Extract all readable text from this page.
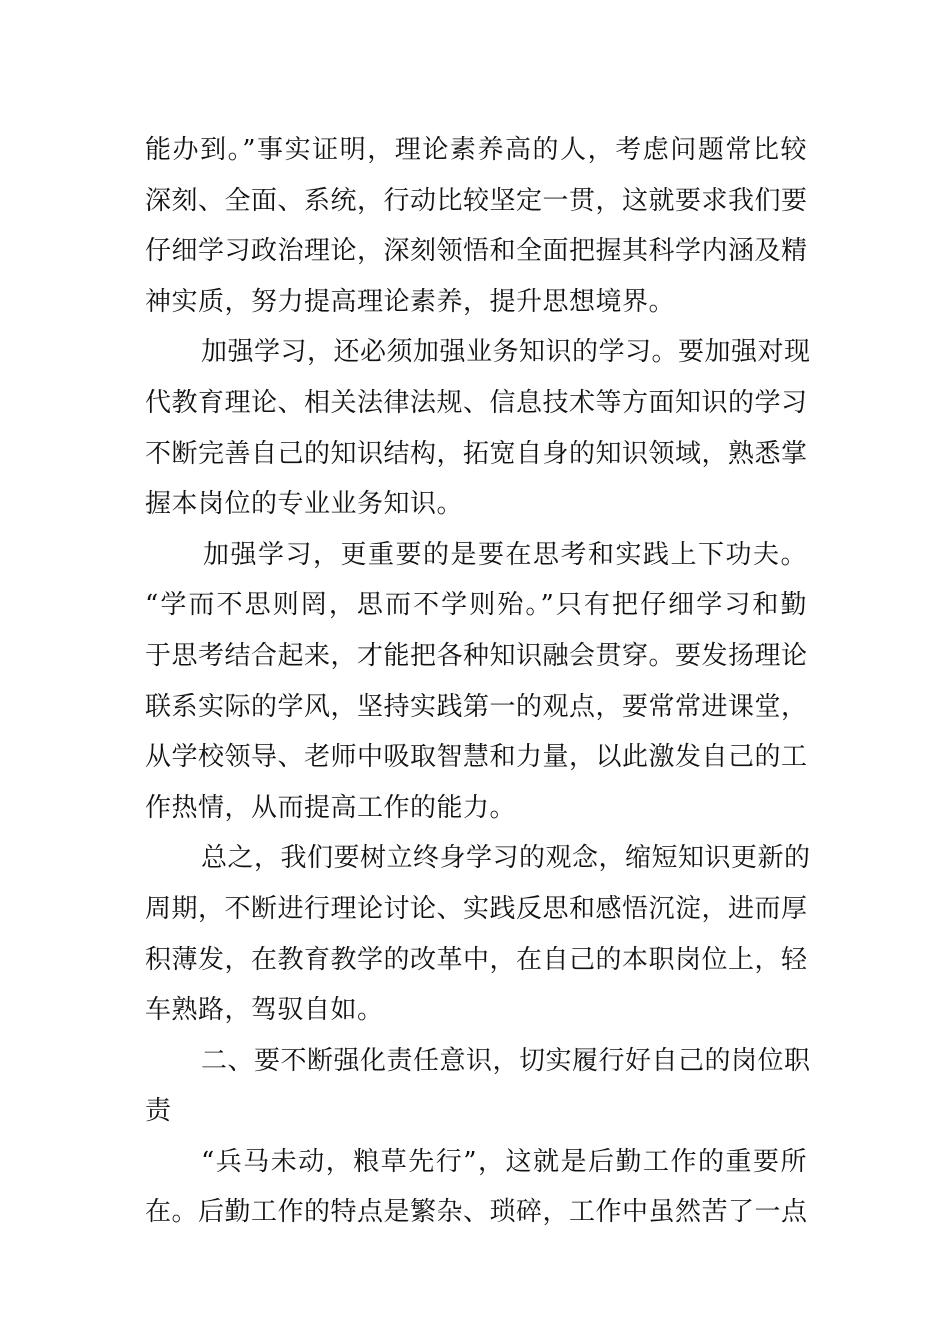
能办到。”事实证明，理论素养高的人，考虑问题常比较
深刻、全面、系统，行动比较坚定一贯，这就要求我们要
仔细学习政治理论，深刻领悟和全面把握其科学内涵及精
神实质，努力提高理论素养，提升思想境界。

加强学习，还必须加强业务知识的学习。要加强对现
代教育理论、相关法律法规、信息技术等方面知识的学习
不断完善自己的知识结构，拓宽自身的知识领域，熟悉掌
握本岗位的专业业务知识。

加强学习，更重要的是要在思考和实践上下功夫。
“学而不思则罔，思而不学则殆。”只有把仔细学习和勤
于思考结合起来，才能把各种知识融会贯穿。要发扬理论
联系实际的学风，坚持实践第一的观点，要常常进课堂，
从学校领导、老师中吸取智慧和力量，以此激发自己的工
作热情，从而提高工作的能力。

总之，我们要树立终身学习的观念，缩短知识更新的
周期，不断进行理论讨论、实践反思和感悟沉淀，进而厚
积薄发，在教育教学的改革中，在自己的本职岗位上，轻
车熟路，驾驭自如。

二、要不断强化责任意识，切实履行好自己的岗位职
责

“兵马未动，粮草先行”，这就是后勤工作的重要所
在。后勤工作的特点是繁杂、琐碎，工作中虽然苦了一点
